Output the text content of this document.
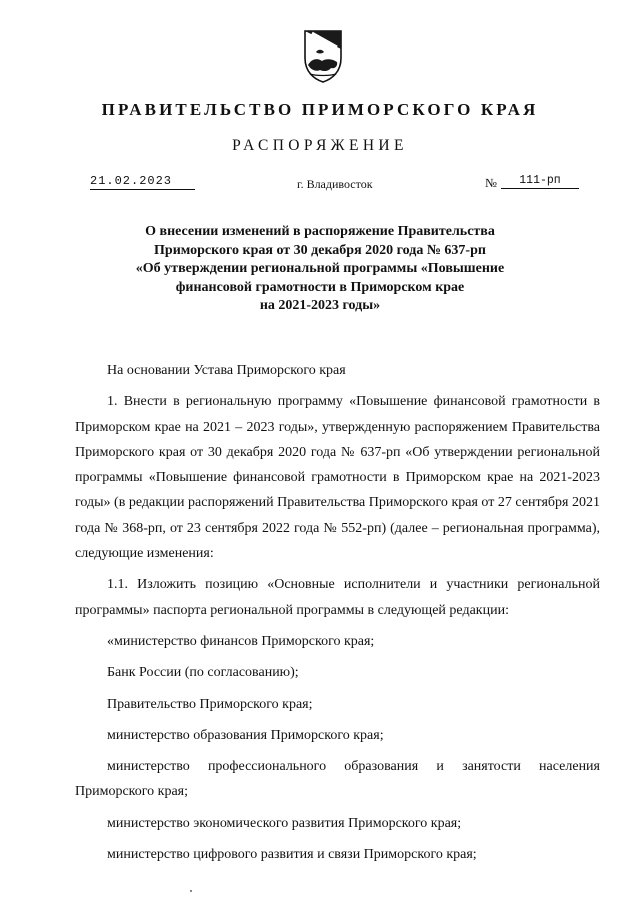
ПРАВИТЕЛЬСТВО ПРИМОРСКОГО КРАЯ
РАСПОРЯЖЕНИЕ
21.02.2023	г. Владивосток	№	111-рп
О внесении изменений в распоряжение Правительства
Приморского края от 30 декабря 2020 года № 637-рп
«Об утверждении региональной программы «Повышение
финансовой грамотности в Приморском крае
на 2021-2023 годы»

На основании Устава Приморского края

1. Внести в региональную программу «Повышение финансовой грамотности в Приморском крае на 2021 – 2023 годы», утвержденную распоряжением Правительства Приморского края от 30 декабря 2020 года № 637-рп «Об утверждении региональной программы «Повышение финансовой грамотности в Приморском крае на 2021-2023 годы» (в редакции распоряжений Правительства Приморского края от 27 сентября 2021 года № 368-рп, от 23 сентября 2022 года № 552-рп) (далее – региональная программа), следующие изменения:

1.1. Изложить позицию «Основные исполнители и участники региональной программы» паспорта региональной программы в следующей редакции:

«министерство финансов Приморского края;

Банк России (по согласованию);

Правительство Приморского края;

министерство образования Приморского края;

министерство профессионального образования и занятости населения Приморского края;

министерство экономического развития Приморского края;

министерство цифрового развития и связи Приморского края;
